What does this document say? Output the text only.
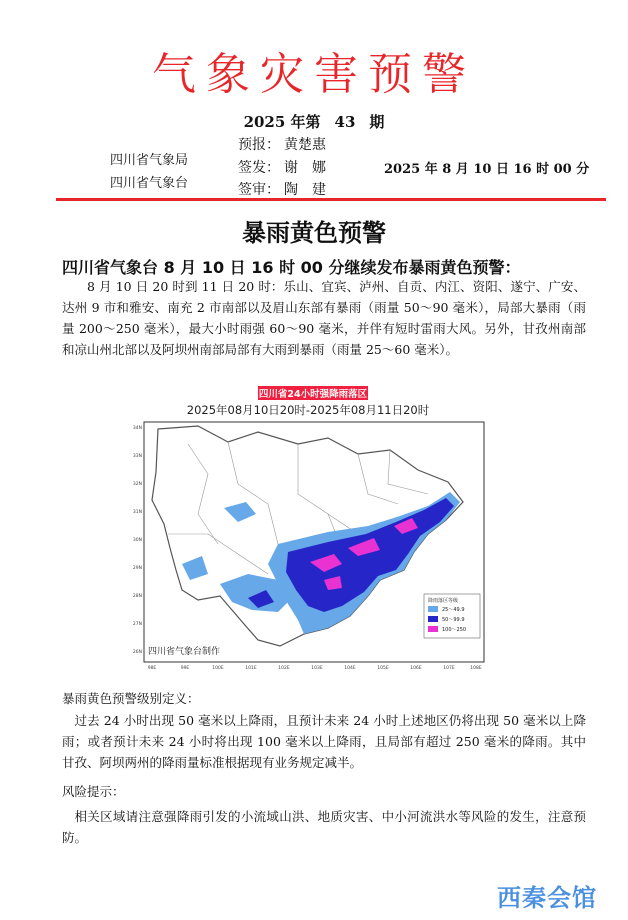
气象灾害预警
2025 年第 43 期
四川省气象局
四川省气象台
预报： 黄楚惠
签发： 谢　娜
签审： 陶　建
2025 年 8 月 10 日 16 时 00 分
暴雨黄色预警
四川省气象台 8 月 10 日 16 时 00 分继续发布暴雨黄色预警：
8 月 10 日 20 时到 11 日 20 时：乐山、宜宾、泸州、自贡、内江、资阳、遂宁、广安、达州 9 市和雅安、南充 2 市南部以及眉山东部有暴雨（雨量 50～90 毫米），局部大暴雨（雨量 200～250 毫米），最大小时雨强 60～90 毫米，并伴有短时雷雨大风。另外，甘孜州南部和凉山州北部以及阿坝州南部局部有大雨到暴雨（雨量 25～60 毫米）。
四川省24小时强降雨落区
2025年08月10日20时-2025年08月11日20时
降雨落区等级
25～49.9
50～99.9
100～250
四川省气象台制作
34N
33N
32N
31N
30N
29N
28N
27N
26N
98E	99E	100E	101E	102E	103E	104E	105E	106E	107E	108E
暴雨黄色预警级别定义：
过去 24 小时出现 50 毫米以上降雨，且预计未来 24 小时上述地区仍将出现 50 毫米以上降雨；或者预计未来 24 小时将出现 100 毫米以上降雨，且局部有超过 250 毫米的降雨。其中甘孜、阿坝两州的降雨量标准根据现有业务规定减半。
风险提示：
相关区域请注意强降雨引发的小流域山洪、地质灾害、中小河流洪水等风险的发生，注意预防。
西秦会馆
